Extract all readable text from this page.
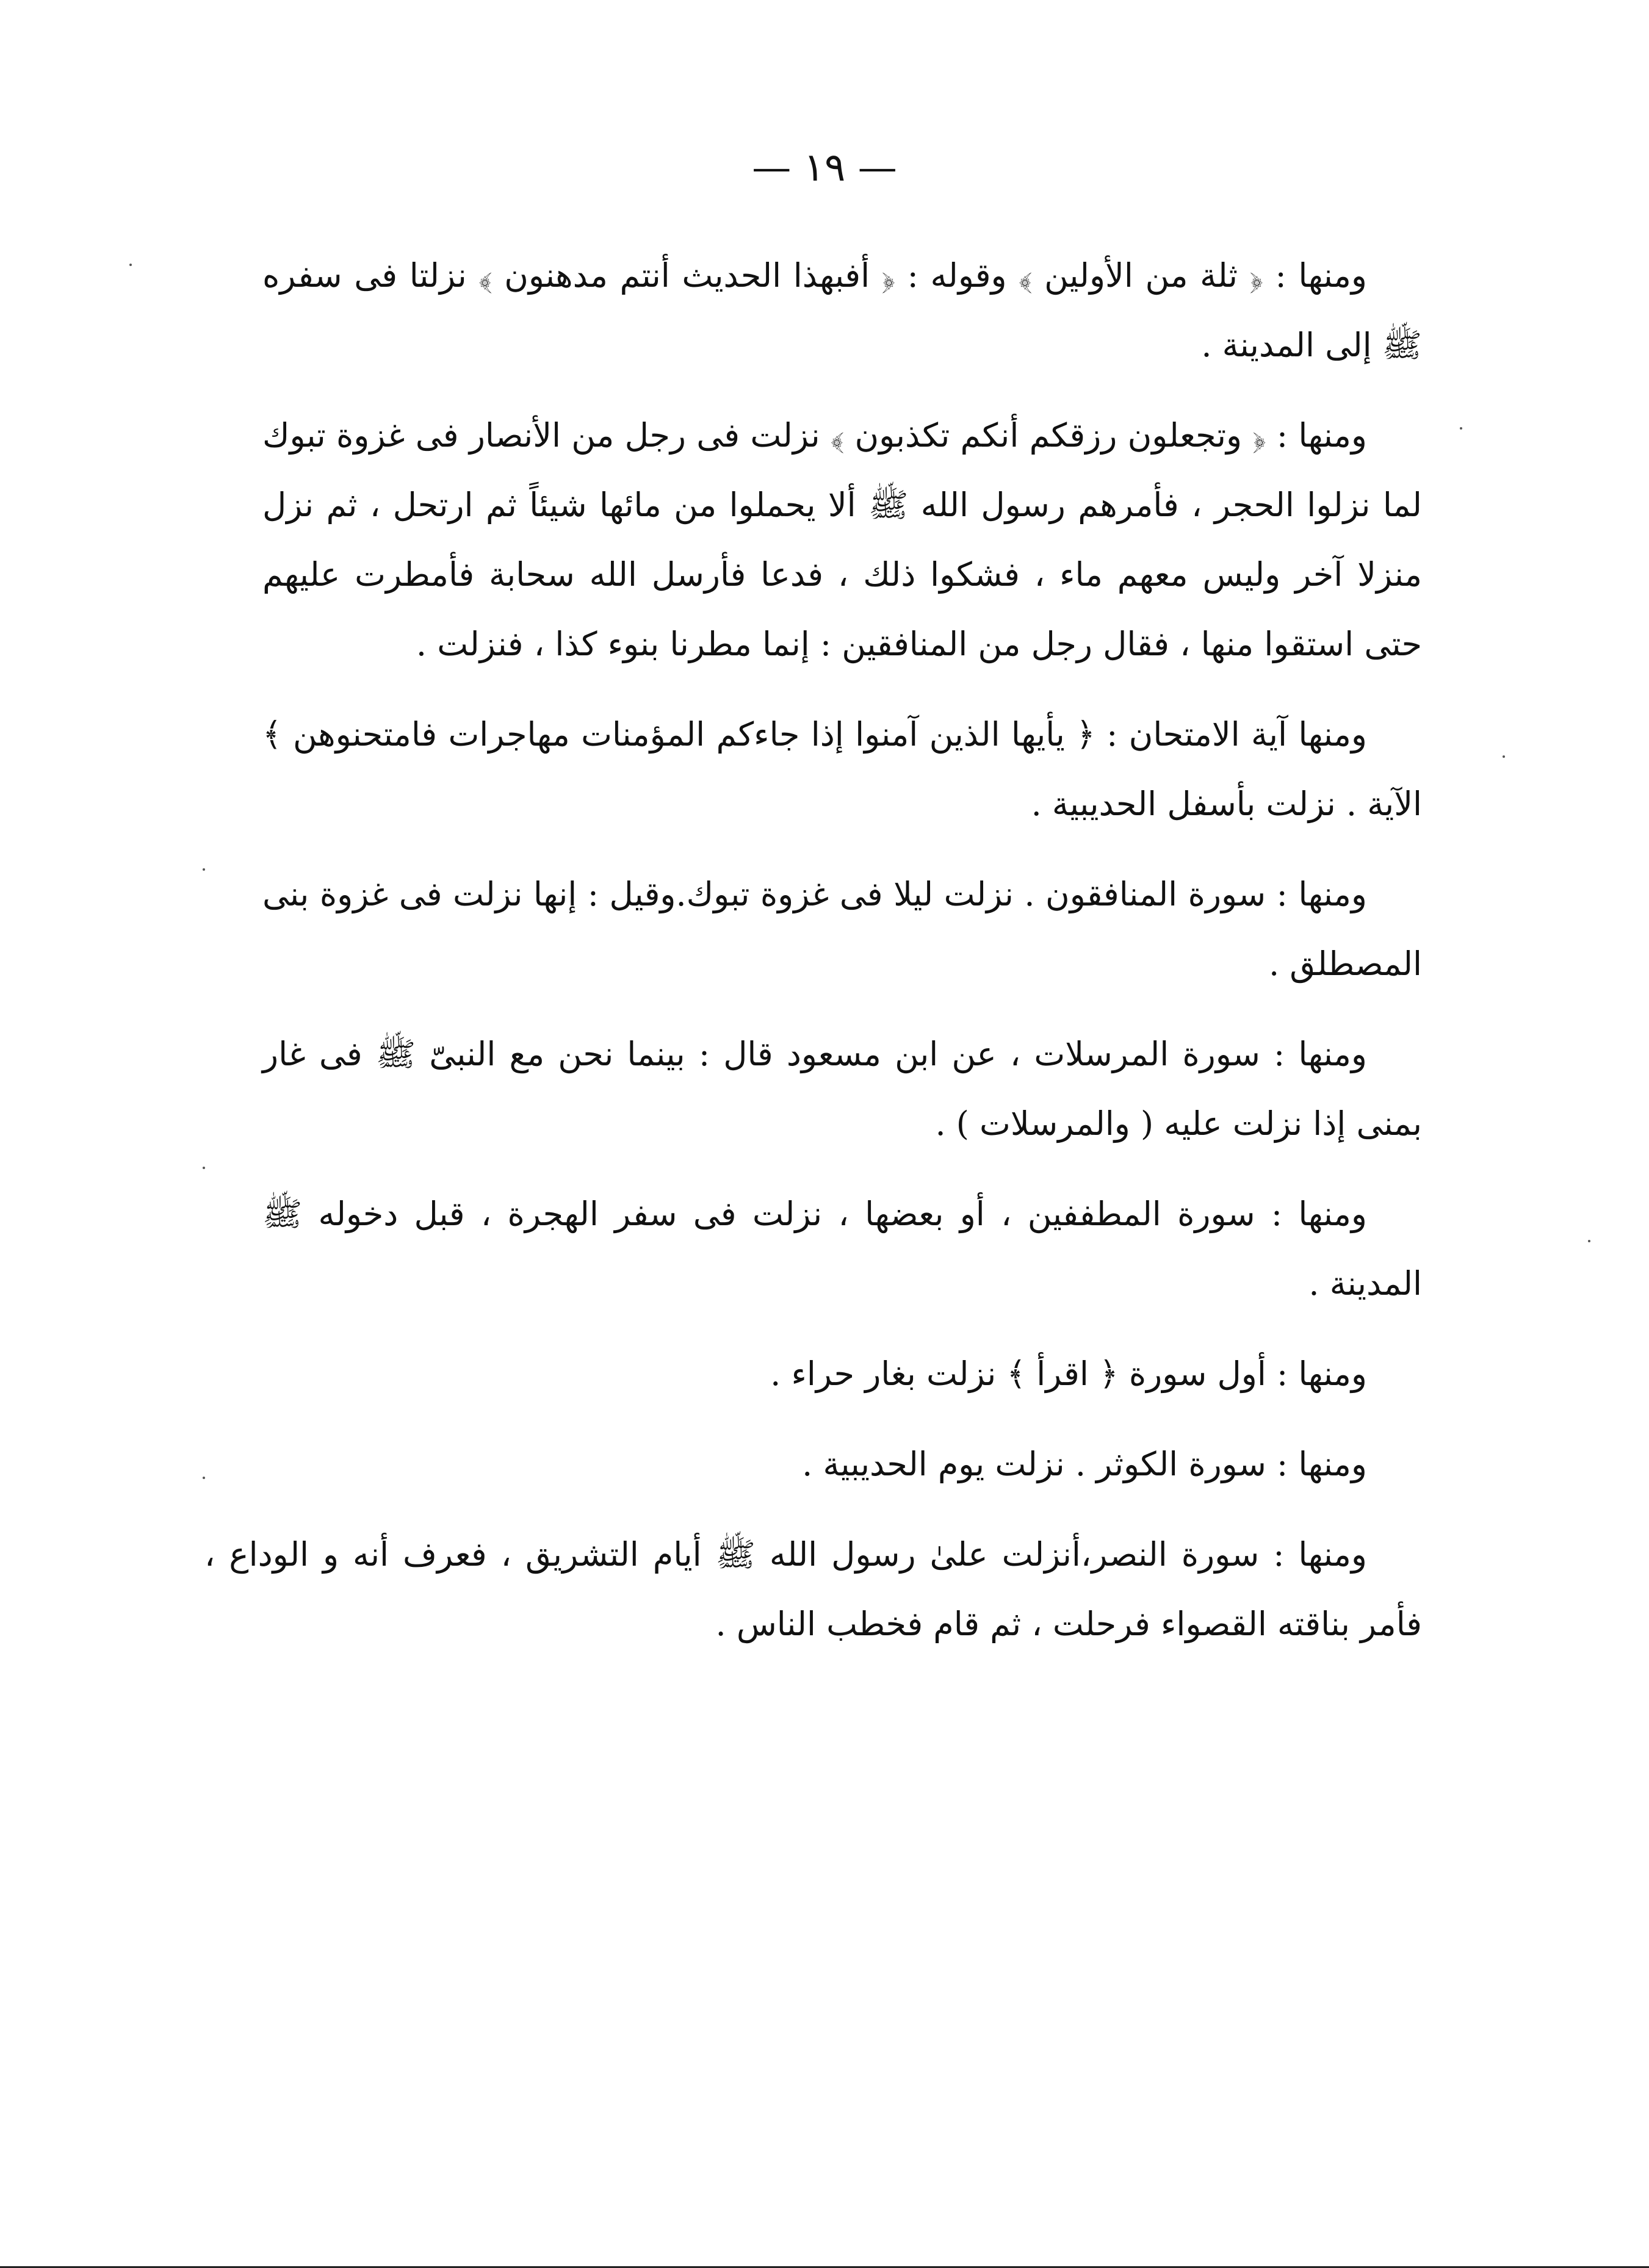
— ١٩ —

ومنها : ﴿ ثلة من الأولين ﴾ وقوله : ﴿ أفبهذا الحديث أنتم مدهنون ﴾ نزلتا فى سفره ﷺ إلى المدينة .

ومنها : ﴿ وتجعلون رزقكم أنكم تكذبون ﴾ نزلت فى رجل من الأنصار فى غزوة تبوك لما نزلوا الحجر ، فأمرهم رسول الله ﷺ ألا يحملوا من مائها شيئاً ثم ارتحل ، ثم نزل منزلا آخر وليس معهم ماء ، فشكوا ذلك ، فدعا فأرسل الله سحابة فأمطرت عليهم حتى استقوا منها ، فقال رجل من المنافقين : إنما مطرنا بنوء كذا ، فنزلت .

ومنها آية الامتحان : ﴿ يأيها الذين آمنوا إذا جاءكم المؤمنات مهاجرات فامتحنوهن ﴾ الآية . نزلت بأسفل الحديبية .

ومنها : سورة المنافقون . نزلت ليلا فى غزوة تبوك.وقيل : إنها نزلت فى غزوة بنى المصطلق .

ومنها : سورة المرسلات ، عن ابن مسعود قال : بينما نحن مع النبىّ ﷺ فى غار بمنى إذا نزلت عليه ( والمرسلات ) .

ومنها : سورة المطففين ، أو بعضها ، نزلت فى سفر الهجرة ، قبل دخوله ﷺ المدينة .

ومنها : أول سورة ﴿ اقرأ ﴾ نزلت بغار حراء .

ومنها : سورة الكوثر . نزلت يوم الحديبية .

ومنها : سورة النصر،أنزلت علىٰ رسول الله ﷺ أيام التشريق ، فعرف أنه و الوداع ، فأمر بناقته القصواء فرحلت ، ثم قام فخطب الناس .
